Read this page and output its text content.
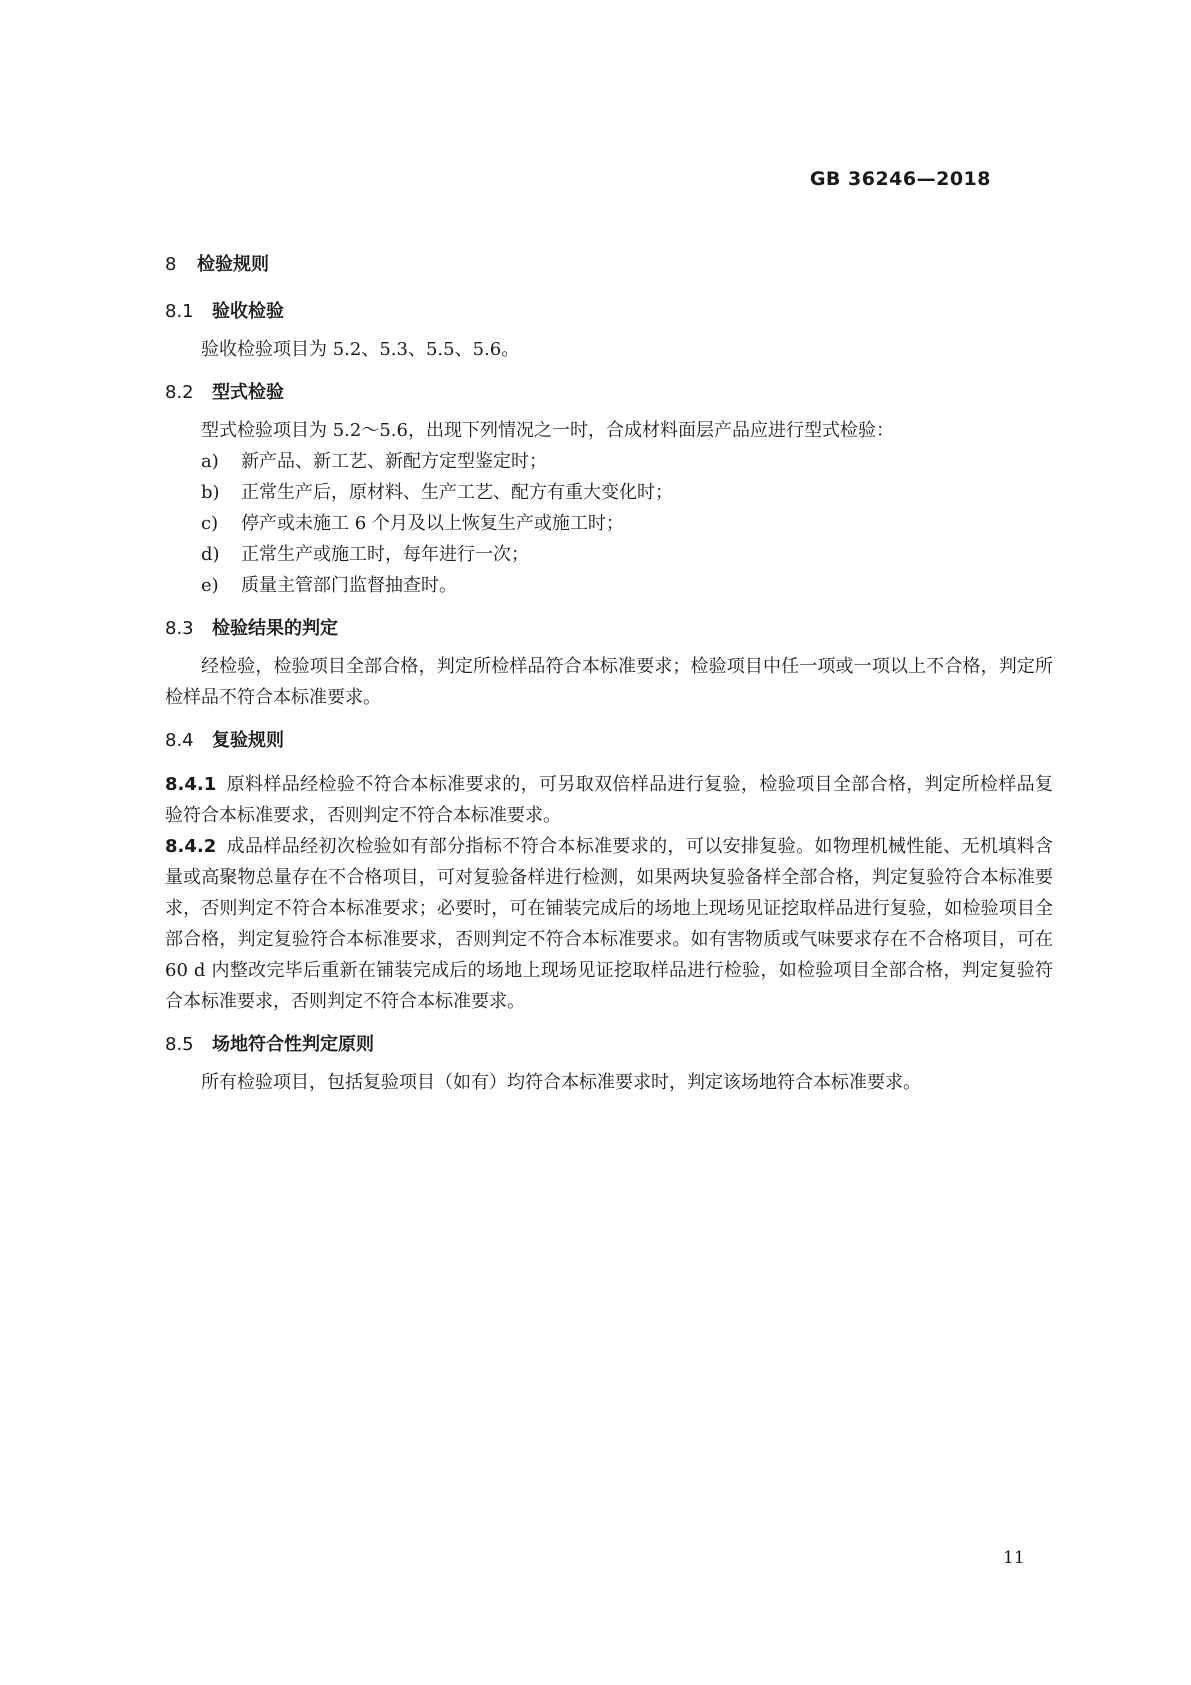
GB 36246—2018
8 检验规则
8.1 验收检验

验收检验项目为 5.2、5.3、5.5、5.6。

8.2 型式检验

型式检验项目为 5.2～5.6，出现下列情况之一时，合成材料面层产品应进行型式检验：

a)	新产品、新工艺、新配方定型鉴定时；
b)	正常生产后，原材料、生产工艺、配方有重大变化时；
c)	停产或未施工 6 个月及以上恢复生产或施工时；
d)	正常生产或施工时，每年进行一次；
e)	质量主管部门监督抽查时。
8.3 检验结果的判定

经检验，检验项目全部合格，判定所检样品符合本标准要求；检验项目中任一项或一项以上不合格，判定所检样品不符合本标准要求。

8.4 复验规则

8.4.1 原料样品经检验不符合本标准要求的，可另取双倍样品进行复验，检验项目全部合格，判定所检样品复验符合本标准要求，否则判定不符合本标准要求。

8.4.2 成品样品经初次检验如有部分指标不符合本标准要求的，可以安排复验。如物理机械性能、无机填料含量或高聚物总量存在不合格项目，可对复验备样进行检测，如果两块复验备样全部合格，判定复验符合本标准要求，否则判定不符合本标准要求；必要时，可在铺装完成后的场地上现场见证挖取样品进行复验，如检验项目全部合格，判定复验符合本标准要求，否则判定不符合本标准要求。如有害物质或气味要求存在不合格项目，可在 60 d 内整改完毕后重新在铺装完成后的场地上现场见证挖取样品进行检验，如检验项目全部合格，判定复验符合本标准要求，否则判定不符合本标准要求。

8.5 场地符合性判定原则

所有检验项目，包括复验项目（如有）均符合本标准要求时，判定该场地符合本标准要求。

11
